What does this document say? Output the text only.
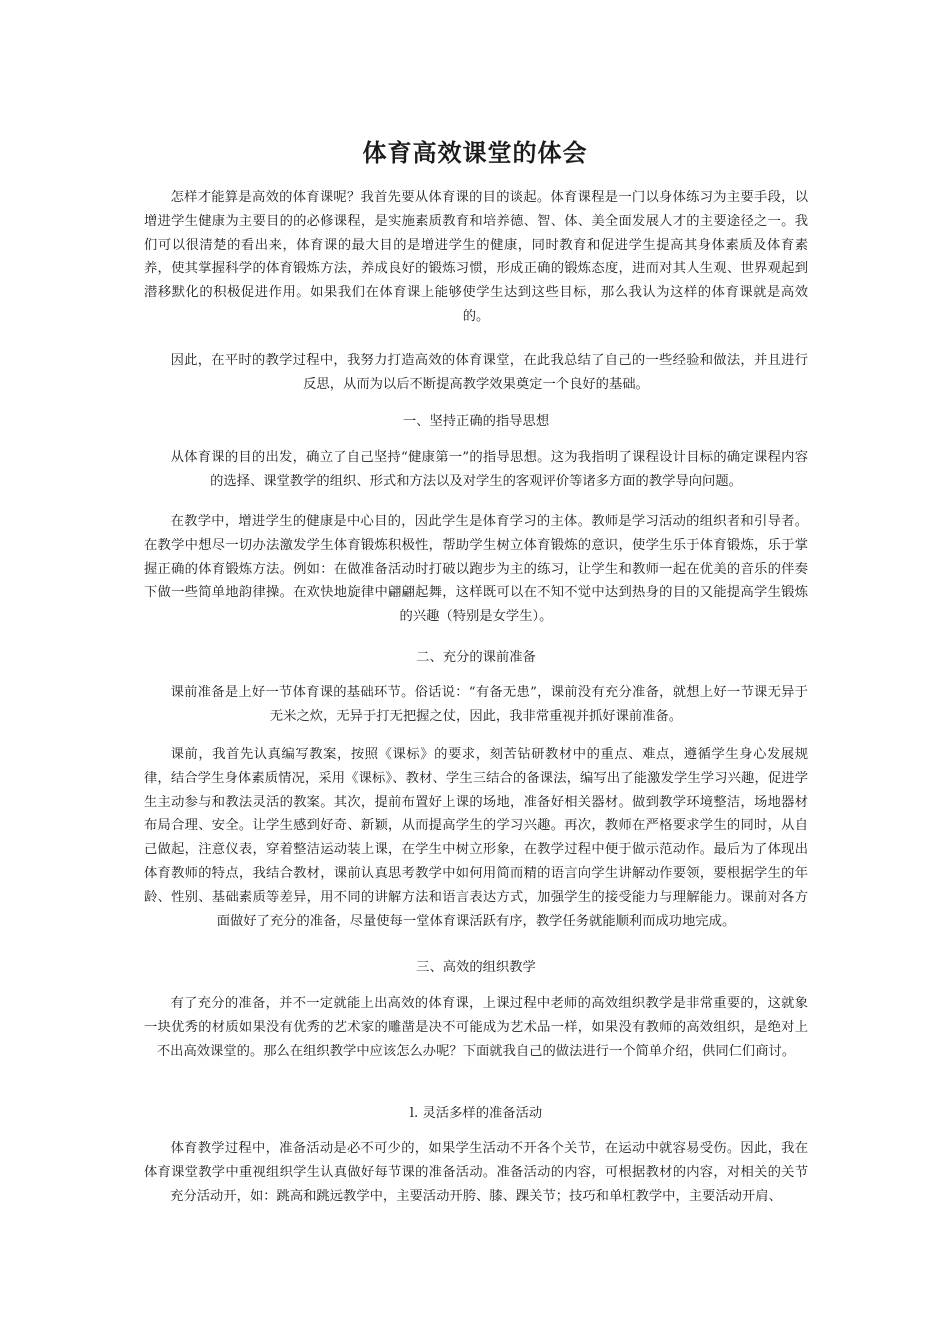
体育高效课堂的体会

怎样才能算是高效的体育课呢？我首先要从体育课的目的谈起。体育课程是一门以身体练习为主要手段，以增进学生健康为主要目的的必修课程，是实施素质教育和培养德、智、体、美全面发展人才的主要途径之一。我们可以很清楚的看出来，体育课的最大目的是增进学生的健康，同时教育和促进学生提高其身体素质及体育素养，使其掌握科学的体育锻炼方法，养成良好的锻炼习惯，形成正确的锻炼态度，进而对其人生观、世界观起到潜移默化的积极促进作用。如果我们在体育课上能够使学生达到这些目标，那么我认为这样的体育课就是高效的。

因此，在平时的教学过程中，我努力打造高效的体育课堂，在此我总结了自己的一些经验和做法，并且进行反思，从而为以后不断提高教学效果奠定一个良好的基础。

一、坚持正确的指导思想

从体育课的目的出发，确立了自己坚持“健康第一”的指导思想。这为我指明了课程设计目标的确定课程内容的选择、课堂教学的组织、形式和方法以及对学生的客观评价等诸多方面的教学导向问题。

在教学中，增进学生的健康是中心目的，因此学生是体育学习的主体。教师是学习活动的组织者和引导者。在教学中想尽一切办法激发学生体育锻炼积极性，帮助学生树立体育锻炼的意识，使学生乐于体育锻炼，乐于掌握正确的体育锻炼方法。例如：在做准备活动时打破以跑步为主的练习，让学生和教师一起在优美的音乐的伴奏下做一些简单地韵律操。在欢快地旋律中翩翩起舞，这样既可以在不知不觉中达到热身的目的又能提高学生锻炼的兴趣（特别是女学生）。

二、充分的课前准备

课前准备是上好一节体育课的基础环节。俗话说：“有备无患”，课前没有充分准备，就想上好一节课无异于无米之炊，无异于打无把握之仗，因此，我非常重视并抓好课前准备。

课前，我首先认真编写教案，按照《课标》的要求，刻苦钻研教材中的重点、难点，遵循学生身心发展规律，结合学生身体素质情况，采用《课标》、教材、学生三结合的备课法，编写出了能激发学生学习兴趣，促进学生主动参与和教法灵活的教案。其次，提前布置好上课的场地，准备好相关器材。做到教学环境整洁，场地器材布局合理、安全。让学生感到好奇、新颖，从而提高学生的学习兴趣。再次，教师在严格要求学生的同时，从自己做起，注意仪表，穿着整洁运动装上课，在学生中树立形象，在教学过程中便于做示范动作。最后为了体现出体育教师的特点，我结合教材，课前认真思考教学中如何用简而精的语言向学生讲解动作要领，要根据学生的年龄、性别、基础素质等差异，用不同的讲解方法和语言表达方式，加强学生的接受能力与理解能力。课前对各方面做好了充分的准备，尽量使每一堂体育课活跃有序，教学任务就能顺利而成功地完成。

三、高效的组织教学

有了充分的准备，并不一定就能上出高效的体育课，上课过程中老师的高效组织教学是非常重要的，这就象一块优秀的材质如果没有优秀的艺术家的雕凿是决不可能成为艺术品一样，如果没有教师的高效组织，是绝对上不出高效课堂的。那么在组织教学中应该怎么办呢？下面就我自己的做法进行一个简单介绍，供同仁们商讨。

l. 灵活多样的准备活动

体育教学过程中，准备活动是必不可少的，如果学生活动不开各个关节，在运动中就容易受伤。因此，我在体育课堂教学中重视组织学生认真做好每节课的准备活动。准备活动的内容，可根据教材的内容，对相关的关节充分活动开，如：跳高和跳远教学中，主要活动开胯、膝、踝关节；技巧和单杠教学中，主要活动开肩、
